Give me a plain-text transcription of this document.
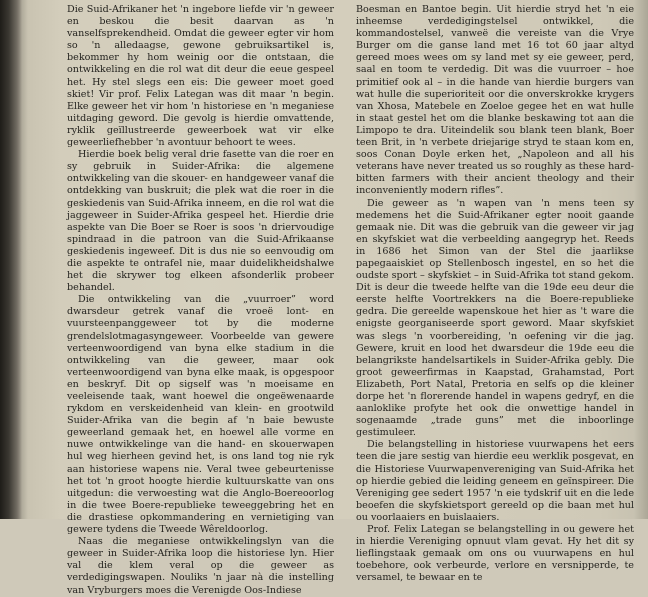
Die Suid-Afrikaner het 'n ingebore liefde vir 'n geweer en beskou die besit daarvan as 'n vanselfsprekendheid. Omdat die geweer egter vir hom so 'n alledaagse, gewone gebruiksartikel is, bekommer hy hom weinig oor die ontstaan, die ontwikkeling en die rol wat dit deur die eeue gespeel het. Hy stel slegs een eis: Die geweer moet goed skiet! Vir prof. Felix Lategan was dit maar 'n begin. Elke geweer het vir hom 'n historiese en 'n meganiese uitdaging geword. Die gevolg is hierdie omvattende, ryklik geïllustreerde geweerboek wat vir elke geweerliefhebber 'n avontuur behoort te wees.

Hierdie boek belig veral drie fasette van die roer en sy gebruik in Suider-Afrika: die algemene ontwikkeling van die skouer- en handgeweer vanaf die ontdekking van buskruit; die plek wat die roer in die geskiedenis van Suid-Afrika inneem, en die rol wat die jaggeweer in Suider-Afrika gespeel het. Hierdie drie aspekte van Die Boer se Roer is soos 'n driervoudige spindraad in die patroon van die Suid-Afrikaanse geskiedenis ingeweef. Dit is dus nie so eenvoudig om die aspekte te ontrafel nie, maar duidelikheidshalwe het die skrywer tog elkeen afsonderlik probeer behandel.

Die ontwikkeling van die „vuurroer” word dwarsdeur getrek vanaf die vroeë lont- en vuursteenpanggeweer tot by die moderne grendelslotmagasyngeweer. Voorbeelde van gewere verteenwoordigend van byna elke stadium in die ontwikkeling van die geweer, maar ook verteenwoordigend van byna elke maak, is opgespoor en beskryf. Dit op sigself was 'n moeisame en veeleisende taak, want hoewel die ongeëwenaarde rykdom en verskeidenheid van klein- en grootwild Suider-Afrika van die begin af 'n baie bewuste geweerland gemaak het, en hoewel alle vorme en nuwe ontwikkelinge van die hand- en skouerwapen hul weg hierheen gevind het, is ons land tog nie ryk aan historiese wapens nie. Veral twee gebeurtenisse het tot 'n groot hoogte hierdie kultuurskatte van ons uitgedun: die verwoesting wat die Anglo-Boereoorlog in die twee Boere-republieke teweeggebring het en die drastiese opkommandering en vernietiging van gewere tydens die Tweede Wêreldoorlog.

Naas die meganiese ontwikkelingslyn van die geweer in Suider-Afrika loop die historiese lyn. Hier val die klem veral op die geweer as verdedigingswapen. Nouliks 'n jaar nà die instelling van Vryburgers moes die Verenigde Oos-Indiese

Boesman en Bantoe begin. Uit hierdie stryd het 'n eie inheemse verdedigingstelsel ontwikkel, die kommandostelsel, vanweë die vereiste van die Vrye Burger om die ganse land met 16 tot 60 jaar altyd gereed moes wees om sy land met sy eie geweer, perd, saal en toom te verdedig. Dit was die vuurroer – hoe primitief ook al – in die hande van hierdie burgers van wat hulle die superioriteit oor die onverskrokke krygers van Xhosa, Matebele en Zoeloe gegee het en wat hulle in staat gestel het om die blanke beskawing tot aan die Limpopo te dra. Uiteindelik sou blank teen blank, Boer teen Brit, in 'n verbete driejarige stryd te staan kom en, soos Conan Doyle erken het, „Napoleon and all his veterans have never treated us so roughly as these hard-bitten farmers with their ancient theology and their inconveniently modern rifles”.

Die geweer as 'n wapen van 'n mens teen sy medemens het die Suid-Afrikaner egter nooit gaande gemaak nie. Dit was die gebruik van die geweer vir jag en skyfskiet wat die verbeelding aangegryp het. Reeds in 1686 het Simon van der Stel die jaarlikse papegaaiskiet op Stellenbosch ingestel, en so het die oudste sport – skyfskiet – in Suid-Afrika tot stand gekom. Dit is deur die tweede helfte van die 19de eeu deur die eerste helfte Voortrekkers na die Boere-republieke gedra. Die gereelde wapenskoue het hier as 't ware die enigste georganiseerde sport geword. Maar skyfskiet was slegs 'n voorbereiding, 'n oefening vir die jag. Gewere, kruit en lood het dwarsdeur die 19de eeu die belangrikste handelsartikels in Suider-Afrika gebly. Die groot geweerfirmas in Kaapstad, Grahamstad, Port Elizabeth, Port Natal, Pretoria en selfs op die kleiner dorpe het 'n florerende handel in wapens gedryf, en die aanloklike profyte het ook die onwettige handel in sogenaamde „trade guns” met die inboorlinge gestimuleer.

Die belangstelling in historiese vuurwapens het eers teen die jare sestig van hierdie eeu werklik posgevat, en die Historiese Vuurwapenvereniging van Suid-Afrika het op hierdie gebied die leiding geneem en geïnspireer. Die Vereniging gee sedert 1957 'n eie tydskrif uit en die lede beoefen die skyfskietsport gereeld op die baan met hul ou voorlaaiers en buislaaiers.

Prof. Felix Lategan se belangstelling in ou gewere het in hierdie Vereniging opnuut vlam gevat. Hy het dit sy lieflingstaak gemaak om ons ou vuurwapens en hul toebehore, ook verbeurde, verlore en versnipperde, te versamel, te bewaar en te
